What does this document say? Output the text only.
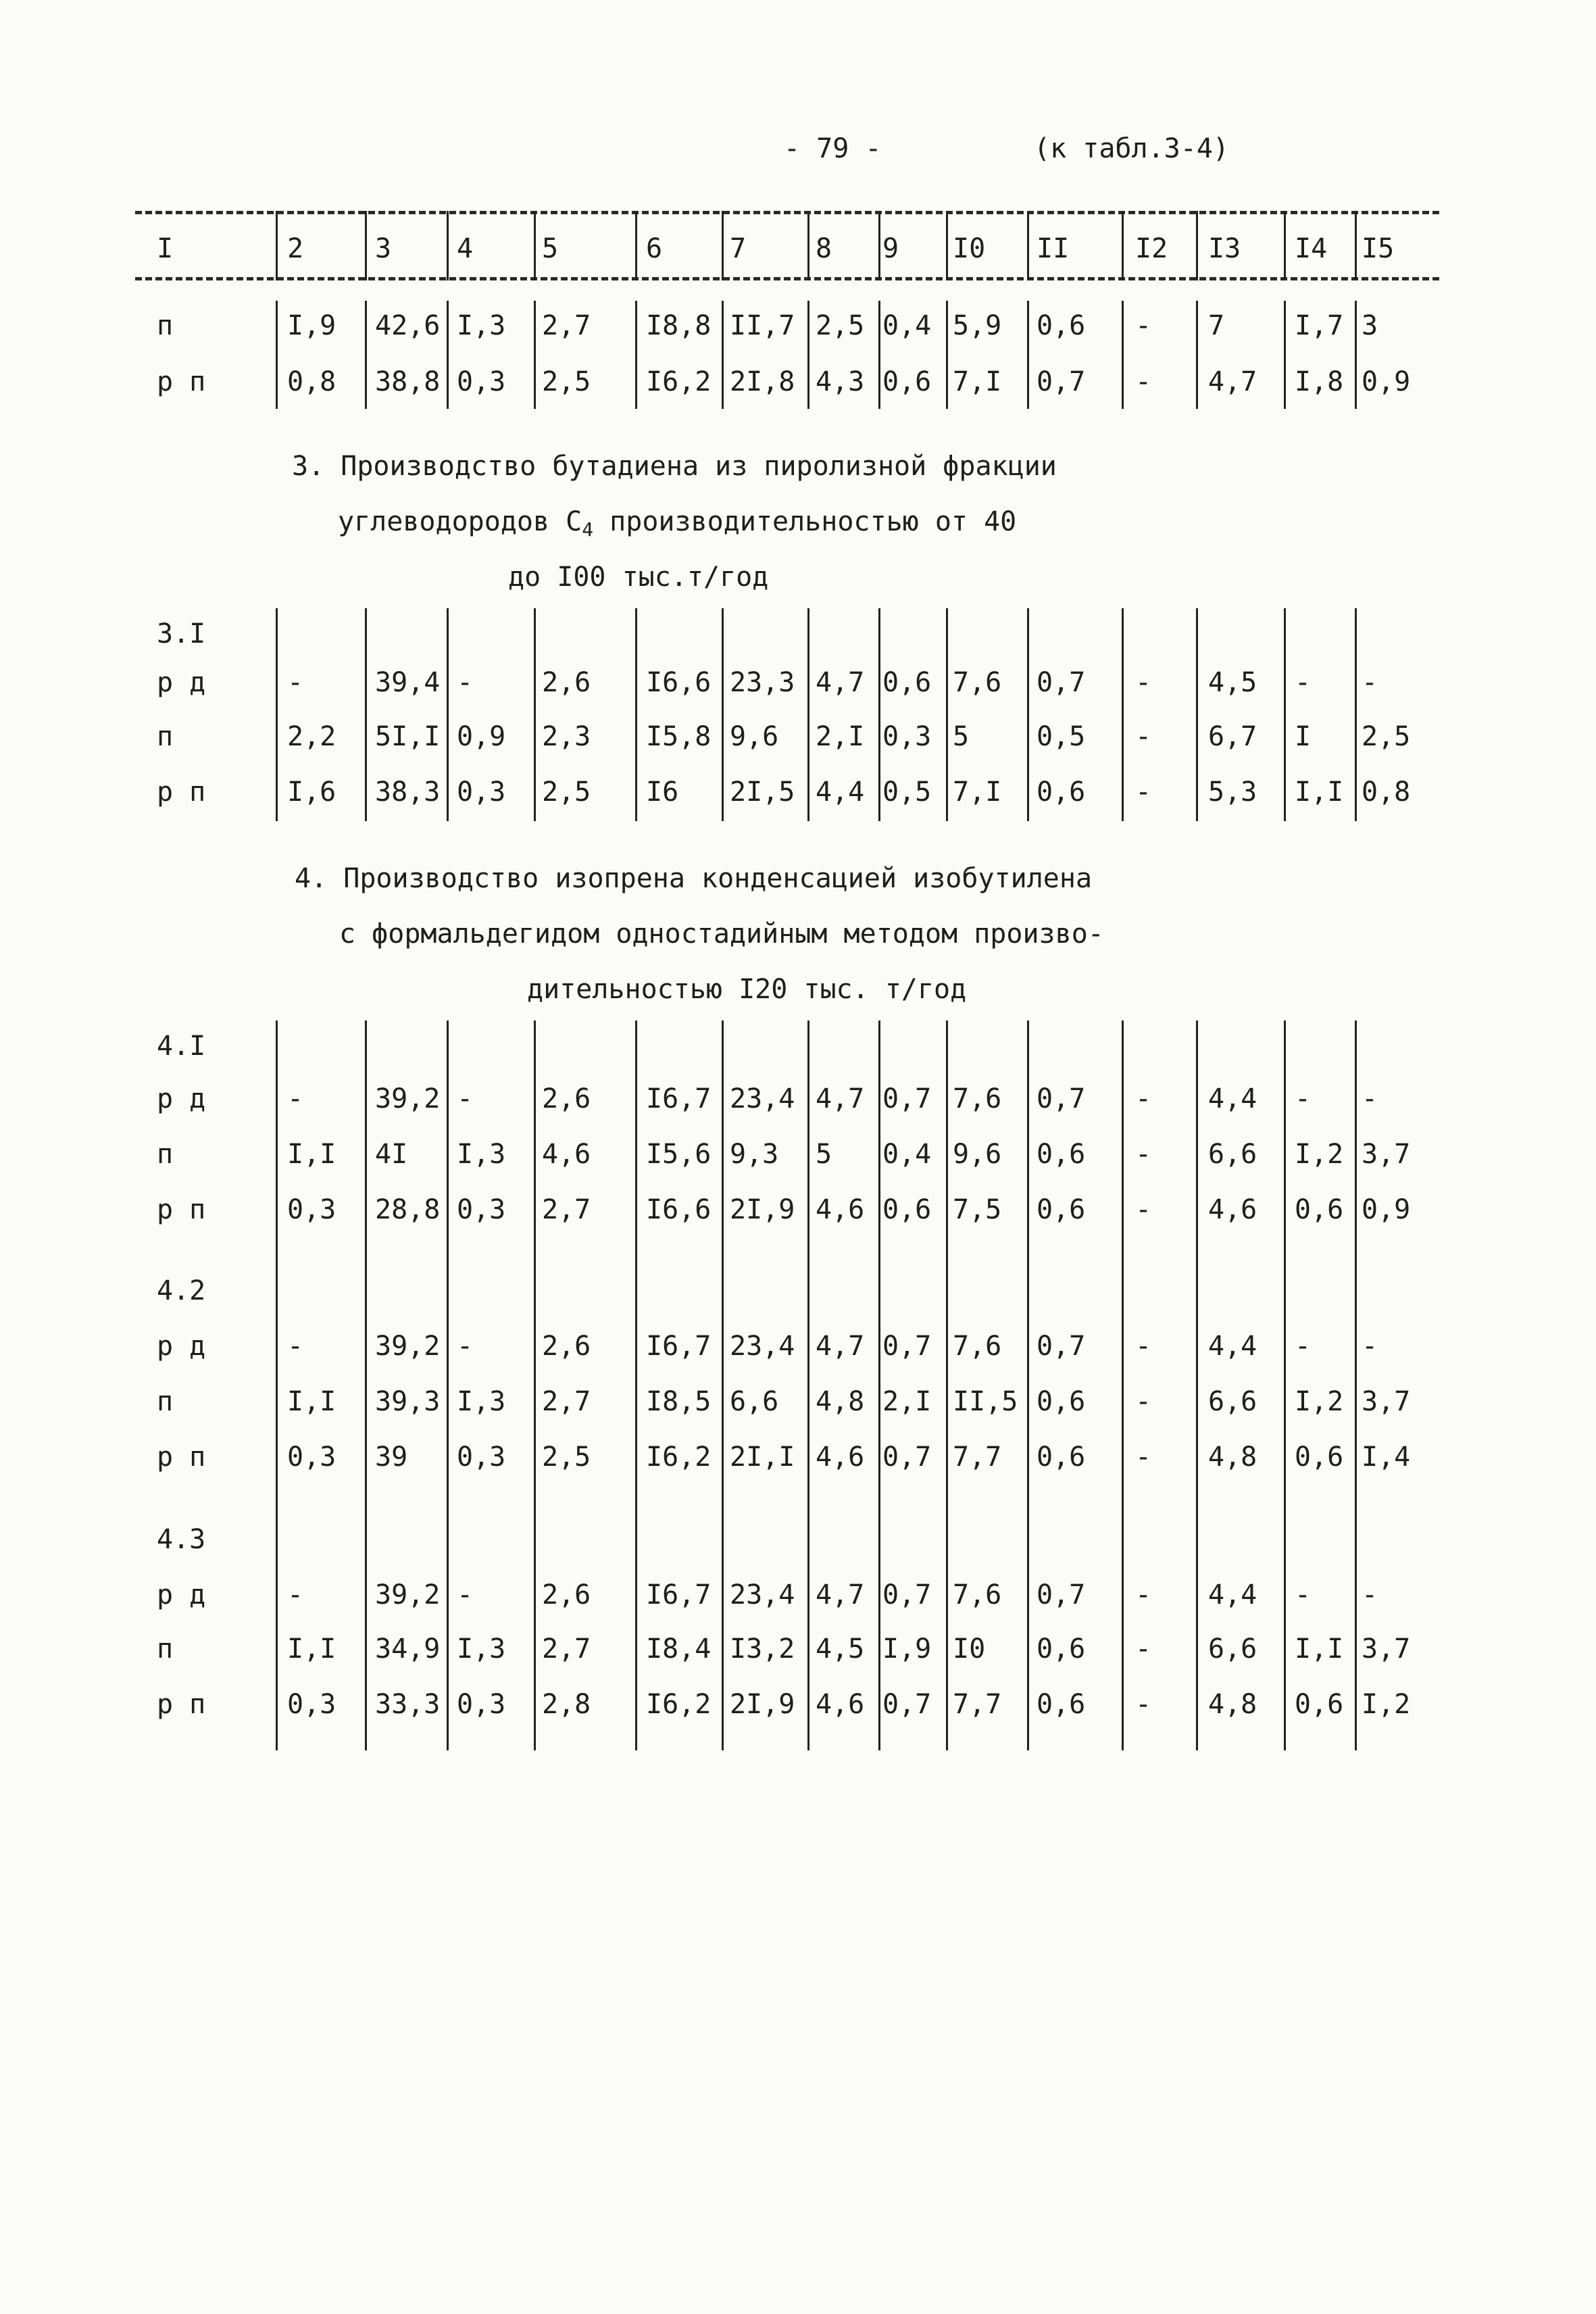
- 79 -	(к табл.3-4)
I	2	3 4	5	6 7	8 9 I0 II I2 I3 I4 I5
п	I,9 42,6 I,3 2,7 I8,8 II,7 2,5 0,4 5,9 0,6 - 7	I,7 3
р п	0,8 38,8 0,3 2,5 I6,2 2I,8 4,3 0,6 7,I 0,7 - 4,7 I,8 0,9
3. Производство бутадиена из пиролизной фракции
углеводородов $С_4$ производительностью от 40
до I00 тыс.т/год
3.I
р д	-	39,4 -	2,6 I6,6 23,3 4,7 0,6 7,6 0,7 - 4,5 - -
п	2,2 5I,I 0,9 2,3 I5,8 9,6 2,I 0,3 5 0,5 - 6,7 I 2,5
р п	I,6 38,3 0,3 2,5 I6 2I,5 4,4 0,5 7,I 0,6 - 5,3 I,I 0,8
4. Производство изопрена конденсацией изобутилена
с формальдегидом одностадийным методом произво-
дительностью I20 тыс. т/год
4.I
р д	-	39,2 -	2,6 I6,7 23,4 4,7 0,7 7,6 0,7 - 4,4 - -
п	I,I 4I I,3 4,6 I5,6 9,3 5 0,4 9,6 0,6 - 6,6 I,2 3,7
р п	0,3 28,8 0,3 2,7 I6,6 2I,9 4,6 0,6 7,5 0,6 - 4,6 0,6 0,9
4.2
р д	-	39,2 -	2,6 I6,7 23,4 4,7 0,7 7,6 0,7 - 4,4 - -
п	I,I 39,3 I,3 2,7 I8,5 6,6 4,8 2,I II,5 0,6 - 6,6 I,2 3,7
р п	0,3 39 0,3 2,5 I6,2 2I,I 4,6 0,7 7,7 0,6 - 4,8 0,6 I,4
4.3
р д	-	39,2 -	2,6 I6,7 23,4 4,7 0,7 7,6 0,7 - 4,4 - -
п	I,I 34,9 I,3 2,7 I8,4 I3,2 4,5 I,9 I0 0,6 - 6,6 I,I 3,7
р п	0,3 33,3 0,3 2,8 I6,2 2I,9 4,6 0,7 7,7 0,6 - 4,8 0,6 I,2
